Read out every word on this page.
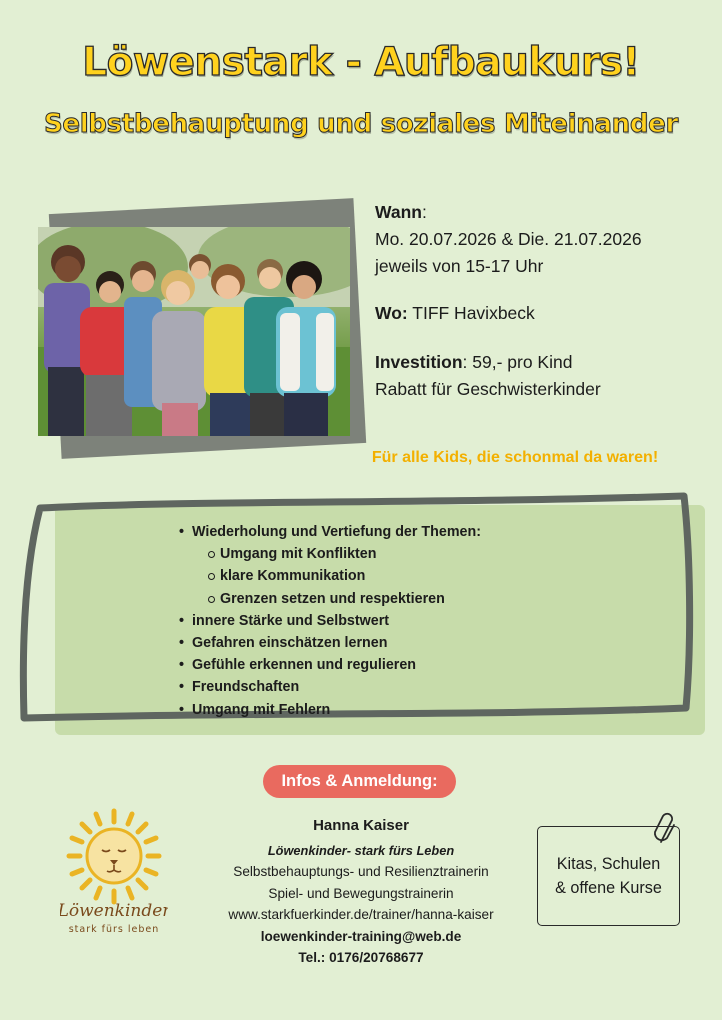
Löwenstark - Aufbaukurs!
Selbstbehauptung und soziales Miteinander

Wann:

Mo. 20.07.2026 & Die. 21.07.2026

jeweils von 15-17 Uhr

Wo: TIFF Havixbeck

Investition: 59,- pro Kind

Rabatt für Geschwisterkinder

Für alle Kids, die schonmal da waren!
• Wiederholung und Vertiefung der Themen:
Umgang mit Konflikten
klare Kommunikation
Grenzen setzen und respektieren
• innere Stärke und Selbstwert
• Gefahren einschätzen lernen
• Gefühle erkennen und regulieren
• Freundschaften
• Umgang mit Fehlern
Infos & Anmeldung:
Löwenkinder
stark fürs leben
Hanna Kaiser
Löwenkinder- stark fürs Leben
Selbstbehauptungs- und Resilienztrainerin
Spiel- und Bewegungstrainerin
www.starkfuerkinder.de/trainer/hanna-kaiser
loewenkinder-training@web.de
Tel.: 0176/20768677
Kitas, Schulen
& offene Kurse
